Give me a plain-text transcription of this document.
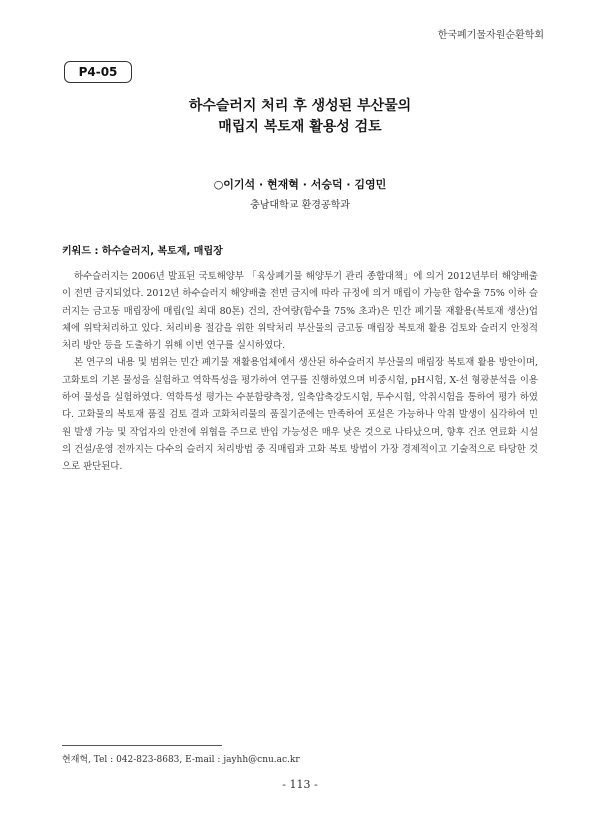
한국폐기물자원순환학회
P4-05
하수슬러지 처리 후 생성된 부산물의
매립지 복토재 활용성 검토
○이기석 · 현재혁 · 서승덕 · 김영민
충남대학교 환경공학과
키워드 : 하수슬러지, 복토재, 매립장

하수슬러지는 2006년 발표된 국토해양부 「육상폐기물 해양투기 관리 종합대책」에 의거 2012년부터 해양배출이 전면 금지되었다. 2012년 하수슬러지 해양배출 전면 금지에 따라 규정에 의거 매립이 가능한 함수율 75% 이하 슬러지는 금고동 매립장에 매립(일 최대 80톤) 건의, 잔여량(함수율 75% 초과)은 민간 폐기물 재활용(복토재 생산)업체에 위탁처리하고 있다. 처리비용 절감을 위한 위탁처리 부산물의 금고동 매립장 복토재 활용 검토와 슬러지 안정적 처리 방안 등을 도출하기 위해 이번 연구를 실시하였다.

본 연구의 내용 및 범위는 민간 폐기물 재활용업체에서 생산된 하수슬러지 부산물의 매립장 복토재 활용 방안이며, 고화토의 기본 물성을 실험하고 역학특성을 평가하여 연구를 진행하였으며 비중시험, pH시험, X-선 형광분석을 이용하여 물성을 실험하였다. 역학특성 평가는 수분함량측정, 일축압축강도시험, 투수시험, 악취시험을 통하여 평가 하였다. 고화물의 복토재 품질 검토 결과 고화처리물의 품질기준에는 만족하여 포설은 가능하나 악취 발생이 심각하여 민원 발생 가능 및 작업자의 안전에 위협을 주므로 반입 가능성은 매우 낮은 것으로 나타났으며, 향후 건조 연료화 시설의 건설/운영 전까지는 다수의 슬러지 처리방법 중 직매립과 고화 복토 방법이 가장 경제적이고 기술적으로 타당한 것으로 판단된다.

현재혁, Tel : 042-823-8683, E-mail : jayhh@cnu.ac.kr
- 113 -
